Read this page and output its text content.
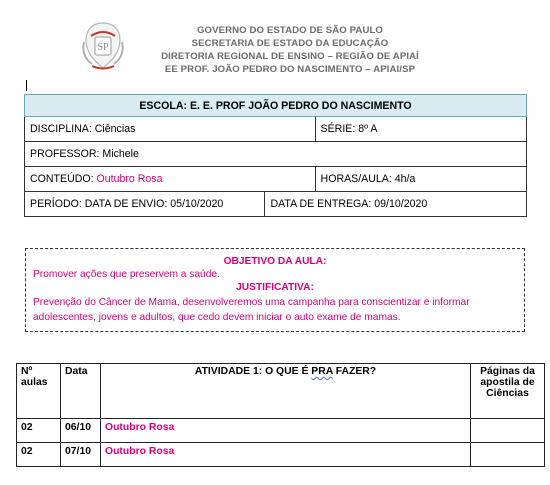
SP
GOVERNO DO ESTADO DE SÃO PAULO
SECRETARIA DE ESTADO DA EDUCAÇÃO
DIRETORIA REGIONAL DE ENSINO – REGIÃO DE APIAÍ
EE PROF. JOÃO PEDRO DO NASCIMENTO – APIAI/SP
ESCOLA: E. E. PROF JOÃO PEDRO DO NASCIMENTO		
DISCIPLINA: Ciências		SÉRIE: 8º A
PROFESSOR: Michele		
CONTEÚDO: Outubro Rosa		HORAS/AULA: 4h/a
PERÍODO: DATA DE ENVIO: 05/10/2020	DATA DE ENTREGA: 09/10/2020	
OBJETIVO DA AULA:
Promover ações que preservem a saúde.
JUSTIFICATIVA:
Prevenção do Câncer de Mama, desenvolveremos uma campanha para conscientizar e informar adolescentes, jovens e adultos, que cedo devem iniciar o auto exame de mamas.
Nº aulas	Data	ATIVIDADE 1: O QUE É PRA FAZER?	Páginas da apostila de Ciências
02	06/10	Outubro Rosa	
02	07/10	Outubro Rosa	
